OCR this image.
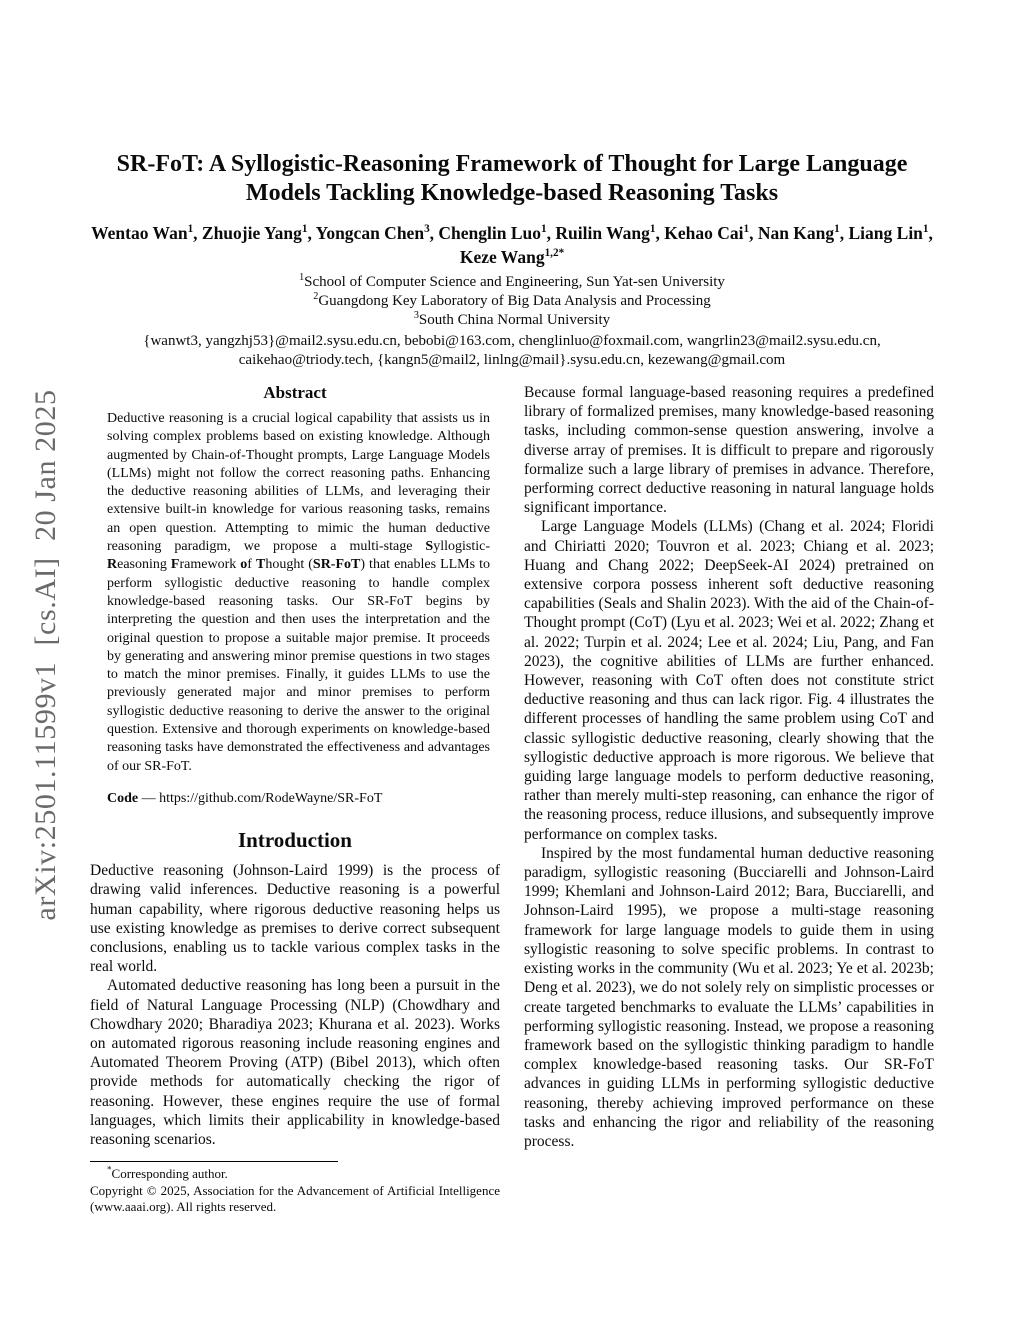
arXiv:2501.11599v1  [cs.AI]  20 Jan 2025
SR-FoT: A Syllogistic-Reasoning Framework of Thought for Large Language Models Tackling Knowledge-based Reasoning Tasks
Wentao Wan$^1$, Zhuojie Yang$^1$, Yongcan Chen$^3$, Chenglin Luo$^1$, Ruilin Wang$^1$, Kehao Cai$^1$, Nan Kang$^1$, Liang Lin$^1$, Keze Wang$^{1,2*}$
$^1$School of Computer Science and Engineering, Sun Yat-sen University
$^2$Guangdong Key Laboratory of Big Data Analysis and Processing
$^3$South China Normal University
{wanwt3, yangzhj53}@mail2.sysu.edu.cn, bebobi@163.com, chenglinluo@foxmail.com, wangrlin23@mail2.sysu.edu.cn,
caikehao@triody.tech, {kangn5@mail2, linlng@mail}.sysu.edu.cn, kezewang@gmail.com
Abstract
Deductive reasoning is a crucial logical capability that assists us in solving complex problems based on existing knowledge. Although augmented by Chain-of-Thought prompts, Large Language Models (LLMs) might not follow the correct reasoning paths. Enhancing the deductive reasoning abilities of LLMs, and leveraging their extensive built-in knowledge for various reasoning tasks, remains an open question. Attempting to mimic the human deductive reasoning paradigm, we propose a multi-stage Syllogistic-Reasoning Framework of Thought (SR-FoT) that enables LLMs to perform syllogistic deductive reasoning to handle complex knowledge-based reasoning tasks. Our SR-FoT begins by interpreting the question and then uses the interpretation and the original question to propose a suitable major premise. It proceeds by generating and answering minor premise questions in two stages to match the minor premises. Finally, it guides LLMs to use the previously generated major and minor premises to perform syllogistic deductive reasoning to derive the answer to the original question. Extensive and thorough experiments on knowledge-based reasoning tasks have demonstrated the effectiveness and advantages of our SR-FoT.
Code — https://github.com/RodeWayne/SR-FoT
Introduction

Deductive reasoning (Johnson-Laird 1999) is the process of drawing valid inferences. Deductive reasoning is a powerful human capability, where rigorous deductive reasoning helps us use existing knowledge as premises to derive correct subsequent conclusions, enabling us to tackle various complex tasks in the real world.

Automated deductive reasoning has long been a pursuit in the field of Natural Language Processing (NLP) (Chowdhary and Chowdhary 2020; Bharadiya 2023; Khurana et al. 2023). Works on automated rigorous reasoning include reasoning engines and Automated Theorem Proving (ATP) (Bibel 2013), which often provide methods for automatically checking the rigor of reasoning. However, these engines require the use of formal languages, which limits their applicability in knowledge-based reasoning scenarios.

*Corresponding author.
Copyright © 2025, Association for the Advancement of Artificial Intelligence (www.aaai.org). All rights reserved.

Because formal language-based reasoning requires a predefined library of formalized premises, many knowledge-based reasoning tasks, including common-sense question answering, involve a diverse array of premises. It is difficult to prepare and rigorously formalize such a large library of premises in advance. Therefore, performing correct deductive reasoning in natural language holds significant importance.

Large Language Models (LLMs) (Chang et al. 2024; Floridi and Chiriatti 2020; Touvron et al. 2023; Chiang et al. 2023; Huang and Chang 2022; DeepSeek-AI 2024) pretrained on extensive corpora possess inherent soft deductive reasoning capabilities (Seals and Shalin 2023). With the aid of the Chain-of-Thought prompt (CoT) (Lyu et al. 2023; Wei et al. 2022; Zhang et al. 2022; Turpin et al. 2024; Lee et al. 2024; Liu, Pang, and Fan 2023), the cognitive abilities of LLMs are further enhanced. However, reasoning with CoT often does not constitute strict deductive reasoning and thus can lack rigor. Fig. 4 illustrates the different processes of handling the same problem using CoT and classic syllogistic deductive reasoning, clearly showing that the syllogistic deductive approach is more rigorous. We believe that guiding large language models to perform deductive reasoning, rather than merely multi-step reasoning, can enhance the rigor of the reasoning process, reduce illusions, and subsequently improve performance on complex tasks.

Inspired by the most fundamental human deductive reasoning paradigm, syllogistic reasoning (Bucciarelli and Johnson-Laird 1999; Khemlani and Johnson-Laird 2012; Bara, Bucciarelli, and Johnson-Laird 1995), we propose a multi-stage reasoning framework for large language models to guide them in using syllogistic reasoning to solve specific problems. In contrast to existing works in the community (Wu et al. 2023; Ye et al. 2023b; Deng et al. 2023), we do not solely rely on simplistic processes or create targeted benchmarks to evaluate the LLMs’ capabilities in performing syllogistic reasoning. Instead, we propose a reasoning framework based on the syllogistic thinking paradigm to handle complex knowledge-based reasoning tasks. Our SR-FoT advances in guiding LLMs in performing syllogistic deductive reasoning, thereby achieving improved performance on these tasks and enhancing the rigor and reliability of the reasoning process.
